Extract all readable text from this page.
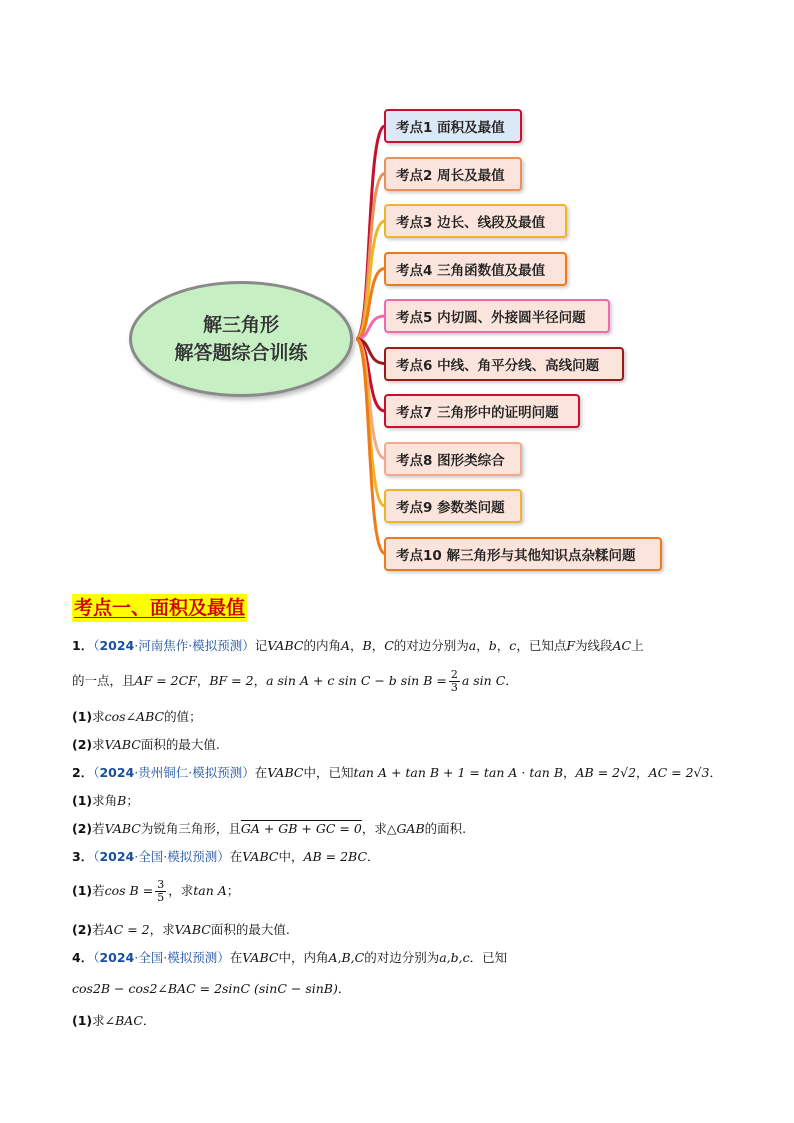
解三角形
解答题综合训练
考点1 面积及最值
考点2 周长及最值
考点3 边长、线段及最值
考点4 三角函数值及最值
考点5 内切圆、外接圆半径问题
考点6 中线、角平分线、高线问题
考点7 三角形中的证明问题
考点8 图形类综合
考点9 参数类问题
考点10 解三角形与其他知识点杂糅问题
考点一、面积及最值
1．（2024·河南焦作·模拟预测）记VABC的内角A，B，C的对边分别为a，b，c，已知点F为线段AC上
的一点，且AF = 2CF，BF = 2，a sin A + c sin C − b $\sin B = \frac{2}{3}$ a sin C．
(1)求cos∠ABC的值；
(2)求VABC面积的最大值.
2．（2024·贵州铜仁·模拟预测）在VABC中，已知tan A + tan B + 1 = tan A · tan B，AB = 2√2，AC = 2√3．
(1)求角B；
(2)若VABC为锐角三角形，且GA + GB + GC = 0，求△GAB的面积.
3．（2024·全国·模拟预测）在VABC中，AB = 2BC．
(1)若$\cos B = \frac{3}{5}$ ，求tan A；
(2)若AC = 2，求VABC面积的最大值.
4．（2024·全国·模拟预测）在VABC中，内角A,B,C的对边分别为a,b,c．已知
cos2B − cos2∠BAC = 2sinC (sinC − sinB)．
(1)求∠BAC．
